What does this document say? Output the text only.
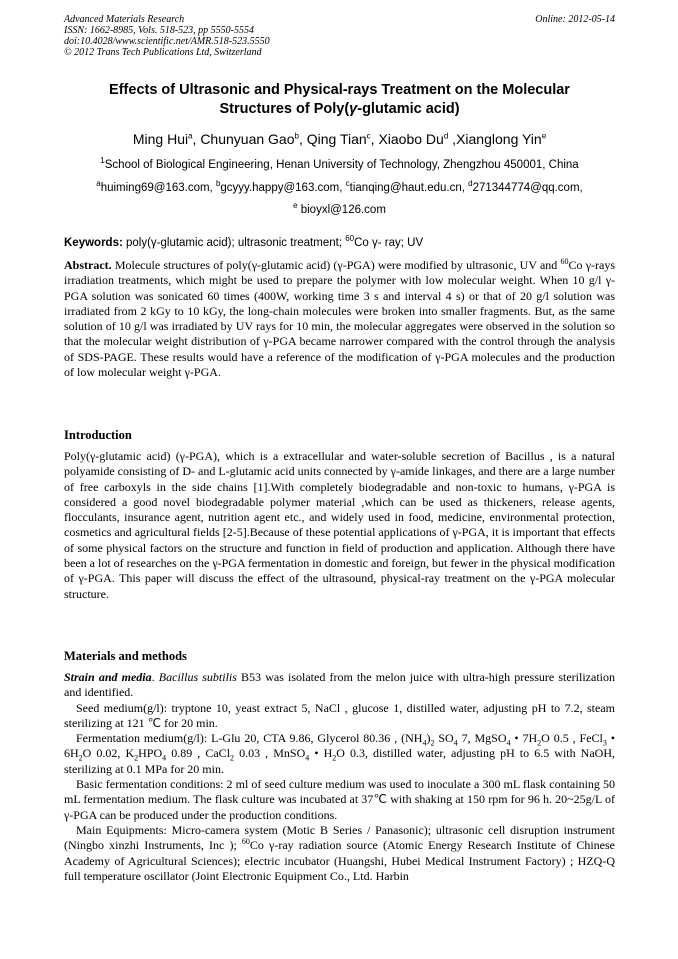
Advanced Materials Research
ISSN: 1662-8985, Vols. 518-523, pp 5550-5554
doi:10.4028/www.scientific.net/AMR.518-523.5550
© 2012 Trans Tech Publications Ltd, Switzerland
Online: 2012-05-14
Effects of Ultrasonic and Physical-rays Treatment on the Molecular
Structures of Poly(γ-glutamic acid)
Ming Hui$^a$, Chunyuan Gao$^b$, Qing Tian$^c$, Xiaobo Du$^d$ ,Xianglong Yin$^e$
$^1$School of Biological Engineering, Henan University of Technology, Zhengzhou 450001, China
$^a$huiming69@163.com, $^b$gcyyy.happy@163.com, $^c$tianqing@haut.edu.cn, $^d$271344774@qq.com,
$^e$ bioyxl@126.com
Keywords: poly(γ-glutamic acid); ultrasonic treatment; $^{60}$Co γ- ray; UV

Abstract. Molecule structures of poly(γ-glutamic acid) (γ-PGA) were modified by ultrasonic, UV and $^{60}$Co γ-rays irradiation treatments, which might be used to prepare the polymer with low molecular weight. When 10 g/l γ-PGA solution was sonicated 60 times (400W, working time 3 s and interval 4 s) or that of 20 g/l solution was irradiated from 2 kGy to 10 kGy, the long-chain molecules were broken into smaller fragments. But, as the same solution of 10 g/l was irradiated by UV rays for 10 min, the molecular aggregates were observed in the solution so that the molecular weight distribution of γ-PGA became narrower compared with the control through the analysis of SDS-PAGE. These results would have a reference of the modification of γ-PGA molecules and the production of low molecular weight γ-PGA.

Introduction

Poly(γ-glutamic acid) (γ-PGA), which is a extracellular and water-soluble secretion of Bacillus , is a natural polyamide consisting of D- and L-glutamic acid units connected by γ-amide linkages, and there are a large number of free carboxyls in the side chains [1].With completely biodegradable and non-toxic to humans, γ-PGA is considered a good novel biodegradable polymer material ,which can be used as thickeners, release agents, flocculants, insurance agent, nutrition agent etc., and widely used in food, medicine, environmental protection, cosmetics and agricultural fields [2-5].Because of these potential applications of γ-PGA, it is important that effects of some physical factors on the structure and function in field of production and application. Although there have been a lot of researches on the γ-PGA fermentation in domestic and foreign, but fewer in the physical modification of γ-PGA. This paper will discuss the effect of the ultrasound, physical-ray treatment on the γ-PGA molecular structure.

Materials and methods

Strain and media. Bacillus subtilis B53 was isolated from the melon juice with ultra-high pressure sterilization and identified.

Seed medium(g/l): tryptone 10, yeast extract 5, NaCl , glucose 1, distilled water, adjusting pH to 7.2, steam sterilizing at 121 ℃ for 20 min.

Fermentation medium(g/l): L-Glu 20, CTA 9.86, Glycerol 80.36 , $(NH_4)_2$ $SO_4$ 7, MgSO$_4$ • $7H_2O$ 0.5 , FeCl$_3$ • $6H_2O$ 0.02, $K_2HPO_4$ 0.89 , CaCl$_2$ 0.03 , MnSO$_4$ • $H_2O$ 0.3, distilled water, adjusting pH to 6.5 with NaOH, sterilizing at 0.1 MPa for 20 min.

Basic fermentation conditions: 2 ml of seed culture medium was used to inoculate a 300 mL flask containing 50 mL fermentation medium. The flask culture was incubated at 37℃ with shaking at 150 rpm for 96 h. 20~25g/L of γ-PGA can be produced under the production conditions.

Main Equipments: Micro-camera system (Motic B Series / Panasonic); ultrasonic cell disruption instrument (Ningbo xinzhi Instruments, Inc ); $^{60}$Co γ-ray radiation source (Atomic Energy Research Institute of Chinese Academy of Agricultural Sciences); electric incubator (Huangshi, Hubei Medical Instrument Factory) ; HZQ-Q full temperature oscillator (Joint Electronic Equipment Co., Ltd. Harbin
